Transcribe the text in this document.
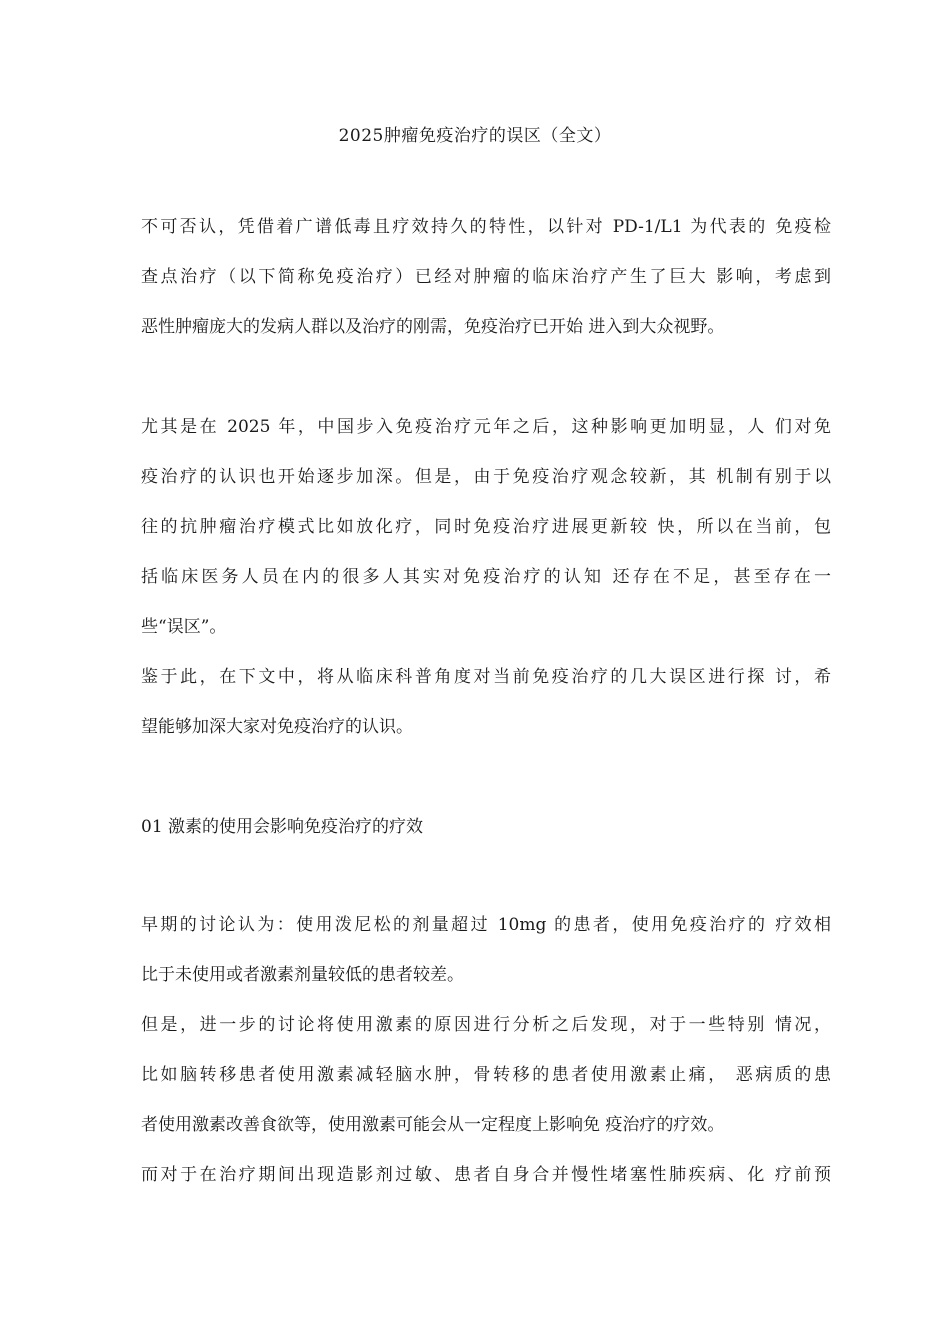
2025肿瘤免疫治疗的误区（全文）
不可否认，凭借着广谱低毒且疗效持久的特性，以针对 PD-1/L1 为代表的 免疫检
查点治疗（以下简称免疫治疗）已经对肿瘤的临床治疗产生了巨大 影响，考虑到
恶性肿瘤庞大的发病人群以及治疗的刚需，免疫治疗已开始 进入到大众视野。
尤其是在 2025 年，中国步入免疫治疗元年之后，这种影响更加明显，人 们对免
疫治疗的认识也开始逐步加深。但是，由于免疫治疗观念较新，其 机制有别于以
往的抗肿瘤治疗模式比如放化疗，同时免疫治疗进展更新较 快，所以在当前，包
括临床医务人员在内的很多人其实对免疫治疗的认知 还存在不足，甚至存在一
些“误区”。
鉴于此，在下文中，将从临床科普角度对当前免疫治疗的几大误区进行探 讨，希
望能够加深大家对免疫治疗的认识。
01 激素的使用会影响免疫治疗的疗效
早期的讨论认为：使用泼尼松的剂量超过 10mg 的患者，使用免疫治疗的 疗效相
比于未使用或者激素剂量较低的患者较差。
但是，进一步的讨论将使用激素的原因进行分析之后发现，对于一些特别 情况，
比如脑转移患者使用激素减轻脑水肿，骨转移的患者使用激素止痛， 恶病质的患
者使用激素改善食欲等，使用激素可能会从一定程度上影响免 疫治疗的疗效。
而对于在治疗期间出现造影剂过敏、患者自身合并慢性堵塞性肺疾病、化 疗前预
